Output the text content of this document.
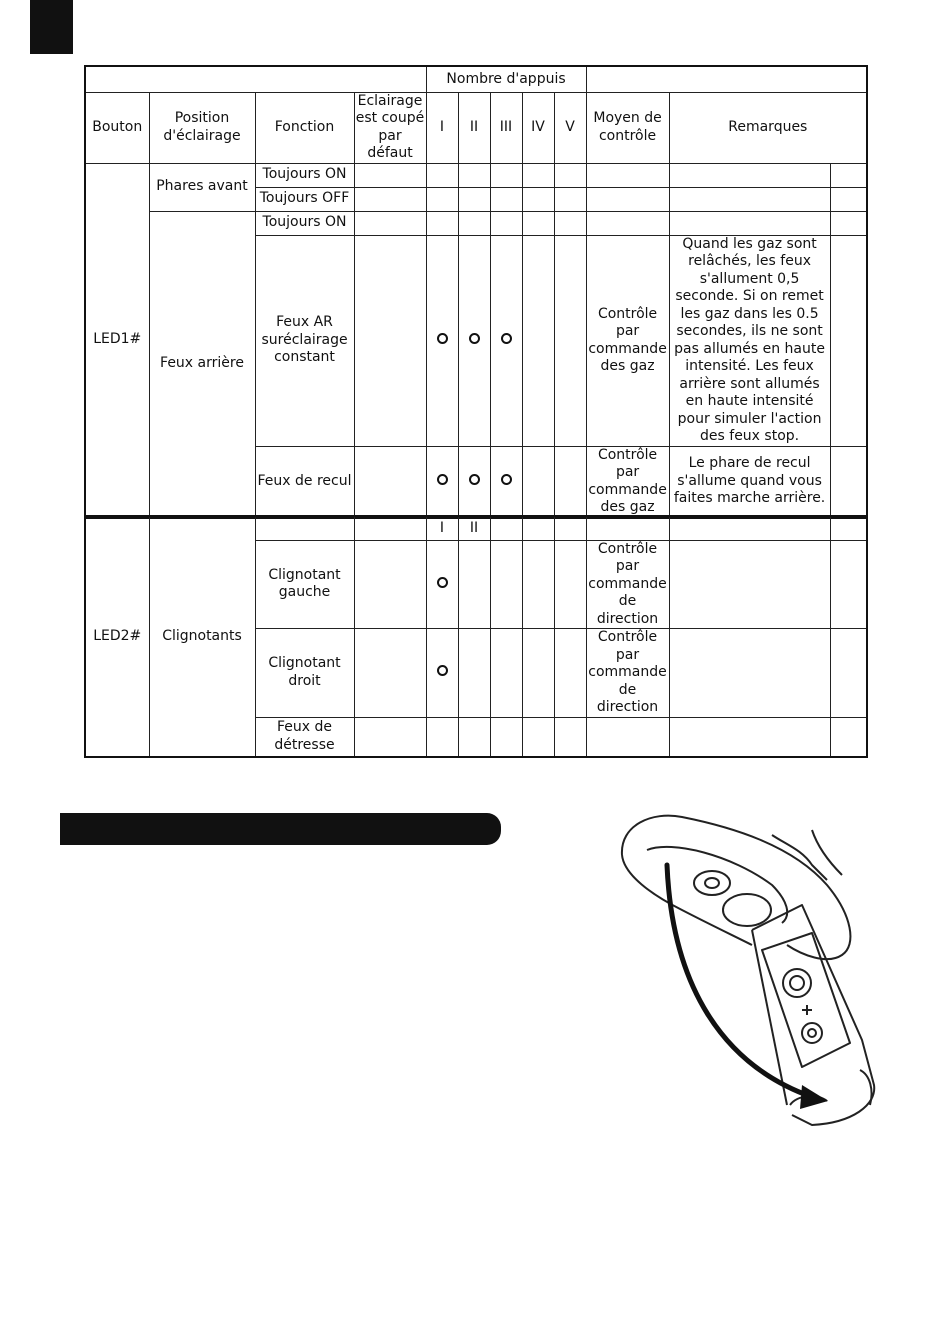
				Nombre d'appuis							
Bouton	Position d'éclairage	Fonction	Eclairage est coupé par défaut	I	II	III	IV	V	Moyen de contrôle	Remarques	
LED1#	Phares avant	Toujours ON									
		Toujours OFF									
	Feux arrière	Toujours ON									
		Feux AR suréclairage constant							Contrôle par commande des gaz	Quand les gaz sont relâchés, les feux s'allument 0,5 seconde. Si on remet les gaz dans les 0.5 secondes, ils ne sont pas allumés en haute intensité. Les feux arrière sont allumés en haute intensité pour simuler l'action des feux stop.	
		Feux de recul							Contrôle par commande des gaz	Le phare de recul s'allume quand vous faites marche arrière.	
LED2#	Clignotants			I	II						
		Clignotant gauche							Contrôle par commande de direction		
		Clignotant droit							Contrôle par commande de direction		
		Feux de détresse									
